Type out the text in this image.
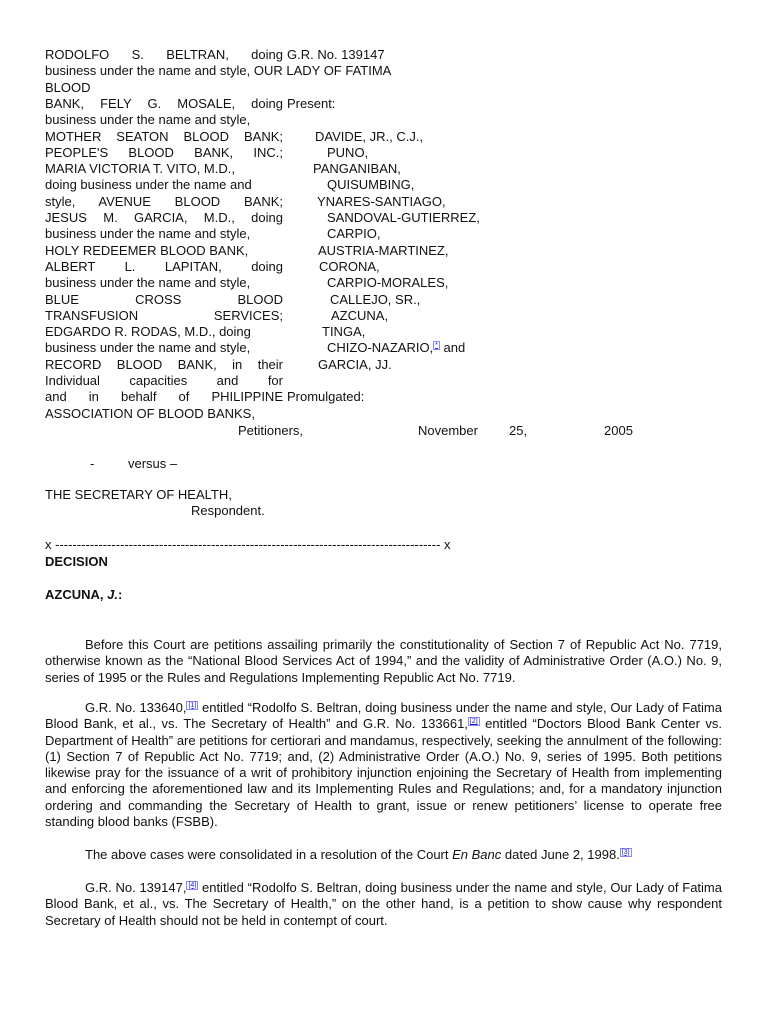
RODOLFO S. BELTRAN, doing G.R. No. 139147
business under the name and style, OUR LADY OF FATIMA
BLOOD
BANK, FELY G. MOSALE, doing Present:
business under the name and style,
MOTHER SEATON BLOOD BANK; DAVIDE, JR., C.J.,
PEOPLE'S BLOOD BANK, INC.;	PUNO,
MARIA VICTORIA T. VITO, M.D.,	PANGANIBAN,
doing business under the name and	QUISUMBING,
style, AVENUE BLOOD BANK;	YNARES-SANTIAGO,
JESUS M. GARCIA, M.D., doing	SANDOVAL-GUTIERREZ,
business under the name and style,	CARPIO,
HOLY REDEEMER BLOOD BANK,	AUSTRIA-MARTINEZ,
ALBERT L. LAPITAN, doing	CORONA,
business under the name and style,	CARPIO-MORALES,
BLUE CROSS BLOOD	CALLEJO, SR.,
TRANSFUSION SERVICES;	AZCUNA,
EDGARDO R. RODAS, M.D., doing	TINGA,
business under the name and style,	CHIZO-NAZARIO, * and
RECORD BLOOD BANK, in their	GARCIA, JJ.
Individual capacities and for
and in behalf of PHILIPPINE Promulgated:
ASSOCIATION OF BLOOD BANKS,
Petitioners,	November 25,	2005
-	versus –
THE SECRETARY OF HEALTH,
Respondent.
x ----------------------------------------------------------------------------------------- x
DECISION
AZCUNA, J.:
Before this Court are petitions assailing primarily the constitutionality of Section 7 of Republic Act No. 7719, otherwise known as the “National Blood Services Act of 1994,” and the validity of Administrative Order (A.O.) No. 9, series of 1995 or the Rules and Regulations Implementing Republic Act No. 7719.
G.R. No. 133640, [1] entitled “Rodolfo S. Beltran, doing business under the name and style, Our Lady of Fatima Blood Bank, et al., vs. The Secretary of Health” and G.R. No. 133661, [2] entitled “Doctors Blood Bank Center vs. Department of Health” are petitions for certiorari and mandamus, respectively, seeking the annulment of the following: (1) Section 7 of Republic Act No. 7719; and, (2) Administrative Order (A.O.) No. 9, series of 1995. Both petitions likewise pray for the issuance of a writ of prohibitory injunction enjoining the Secretary of Health from implementing and enforcing the aforementioned law and its Implementing Rules and Regulations; and, for a mandatory injunction ordering and commanding the Secretary of Health to grant, issue or renew petitioners’ license to operate free standing blood banks (FSBB).
The above cases were consolidated in a resolution of the Court En Banc dated June 2, 1998. [3]
G.R. No. 139147, [4] entitled “Rodolfo S. Beltran, doing business under the name and style, Our Lady of Fatima Blood Bank, et al., vs. The Secretary of Health,” on the other hand, is a petition to show cause why respondent Secretary of Health should not be held in contempt of court.
